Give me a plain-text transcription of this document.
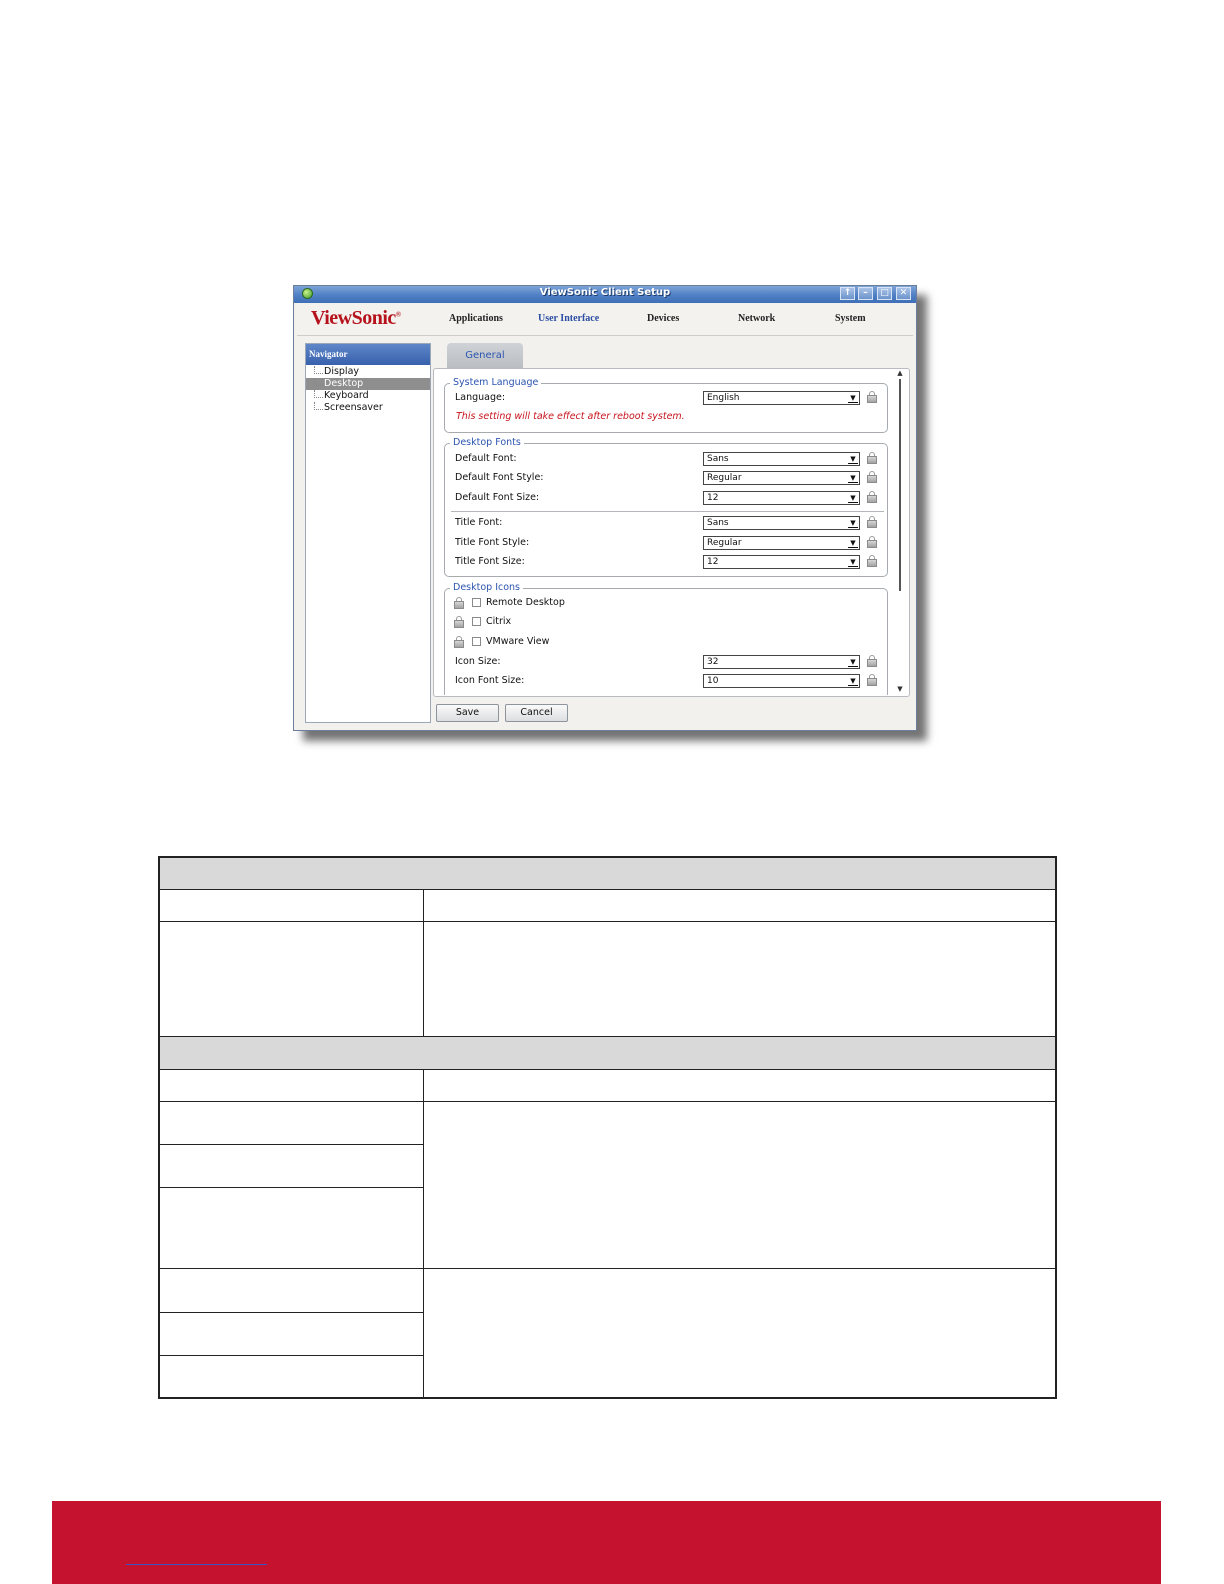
ViewSonic Client Setup	↑	–	□	✕
ViewSonic®	Applications	User Interface	Devices	Network	System
Navigator
Display
Desktop
Keyboard
Screensaver
General
▲
▼
System Language
Language:	English	▼
This setting will take effect after reboot system.
Desktop Fonts
Default Font:	Sans	▼
Default Font Style:	Regular	▼
Default Font Size:	12	▼
Title Font:	Sans	▼
Title Font Style:	Regular	▼
Title Font Size:	12	▼
Desktop Icons
Remote Desktop
Citrix
VMware View
Icon Size:	32	▼
Icon Font Size:	10	▼
Save	Cancel
